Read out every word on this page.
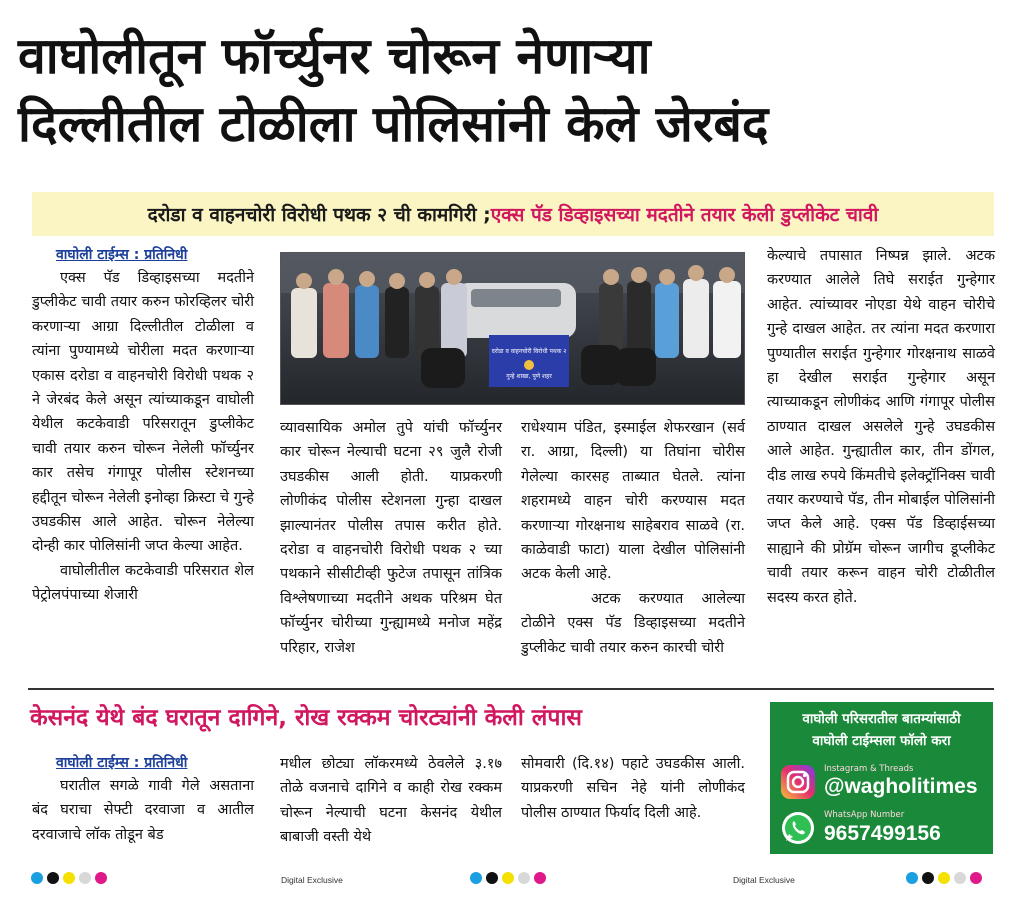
वाघोलीतून फॉर्च्युनर चोरून नेणाऱ्या
दिल्लीतील टोळीला पोलिसांनी केले जेरबंद
दरोडा व वाहनचोरी विरोधी पथक २ ची कामगिरी ; एक्स पॅड डिव्हाइसच्या मदतीने तयार केली डुप्लीकेट चावी
वाघोली टाईम्स : प्रतिनिधी

एक्स पॅड डिव्हाइसच्या मदतीने डुप्लीकेट चावी तयार करुन फोरव्हिलर चोरी करणाऱ्या आग्रा दिल्लीतील टोळीला व त्यांना पुण्यामध्ये चोरीला मदत करणाऱ्या एकास दरोडा व वाहनचोरी विरोधी पथक २ ने जेरबंद केले असून त्यांच्याकडून वाघोली येथील कटकेवाडी परिसरातून डुप्लीकेट चावी तयार करुन चोरून नेलेली फॉर्च्युनर कार तसेच गंगापूर पोलीस स्टेशनच्या हद्दीतून चोरून नेलेली इनोव्हा क्रिस्टा चे गुन्हे उघडकीस आले आहेत. चोरून नेलेल्या दोन्ही कार पोलिसांनी जप्त केल्या आहेत.

वाघोलीतील कटकेवाडी परिसरात शेल पेट्रोलपंपाच्या शेजारी

दरोडा व वाहनचोरी विरोधी पथक २
गुन्हे शाखा, पुणे शहर

व्यावसायिक अमोल तुपे यांची फॉर्च्युनर कार चोरून नेल्याची घटना २९ जुलै रोजी उघडकीस आली होती. याप्रकरणी लोणीकंद पोलीस स्टेशनला गुन्हा दाखल झाल्यानंतर पोलीस तपास करीत होते. दरोडा व वाहनचोरी विरोधी पथक २ च्या पथकाने सीसीटीव्ही फुटेज तपासून तांत्रिक विश्लेषणाच्या मदतीने अथक परिश्रम घेत फॉर्च्युनर चोरीच्या गुन्ह्यामध्ये मनोज महेंद्र परिहार, राजेश

राधेश्याम पंडित, इस्माईल शेफरखान (सर्व रा. आग्रा, दिल्ली) या तिघांना चोरीस गेलेल्या कारसह ताब्यात घेतले. त्यांना शहरामध्ये वाहन चोरी करण्यास मदत करणाऱ्या गोरक्षनाथ साहेबराव साळवे (रा. काळेवाडी फाटा) याला देखील पोलिसांनी अटक केली आहे.

अटक करण्यात आलेल्या टोळीने एक्स पॅड डिव्हाइसच्या मदतीने डुप्लीकेट चावी तयार करुन कारची चोरी

केल्याचे तपासात निष्पन्न झाले. अटक करण्यात आलेले तिघे सराईत गुन्हेगार आहेत. त्यांच्यावर नोएडा येथे वाहन चोरीचे गुन्हे दाखल आहेत. तर त्यांना मदत करणारा पुण्यातील सराईत गुन्हेगार गोरक्षनाथ साळवे हा देखील सराईत गुन्हेगार असून त्याच्याकडून लोणीकंद आणि गंगापूर पोलीस ठाण्यात दाखल असलेले गुन्हे उघडकीस आले आहेत. गुन्ह्यातील कार, तीन डोंगल, दीड लाख रुपये किंमतीचे इलेक्ट्रॉनिक्स चावी तयार करण्याचे पॅड, तीन मोबाईल पोलिसांनी जप्त केले आहे. एक्स पॅड डिव्हाईसच्या साह्याने की प्रोग्रॅम चोरून जागीच डूप्लीकेट चावी तयार करून वाहन चोरी टोळीतील सदस्य करत होते.

केसनंद येथे बंद घरातून दागिने, रोख रक्कम चोरट्यांनी केली लंपास
वाघोली टाईम्स : प्रतिनिधी

घरातील सगळे गावी गेले असताना बंद घराचा सेफ्टी दरवाजा व आतील दरवाजाचे लॉक तोडून बेड

मधील छोट्या लॉकरमध्ये ठेवलेले ३.१७ तोळे वजनाचे दागिने व काही रोख रक्कम चोरून नेल्याची घटना केसनंद येथील बाबाजी वस्ती येथे

सोमवारी (दि.१४) पहाटे उघडकीस आली. याप्रकरणी सचिन नेहे यांनी लोणीकंद पोलीस ठाण्यात फिर्याद दिली आहे.

वाघोली परिसरातील बातम्यांसाठी
वाघोली टाईम्सला फॉलो करा
Instagram & Threads
@wagholitimes
WhatsApp Number
9657499156
Digital Exclusive	Digital Exclusive
